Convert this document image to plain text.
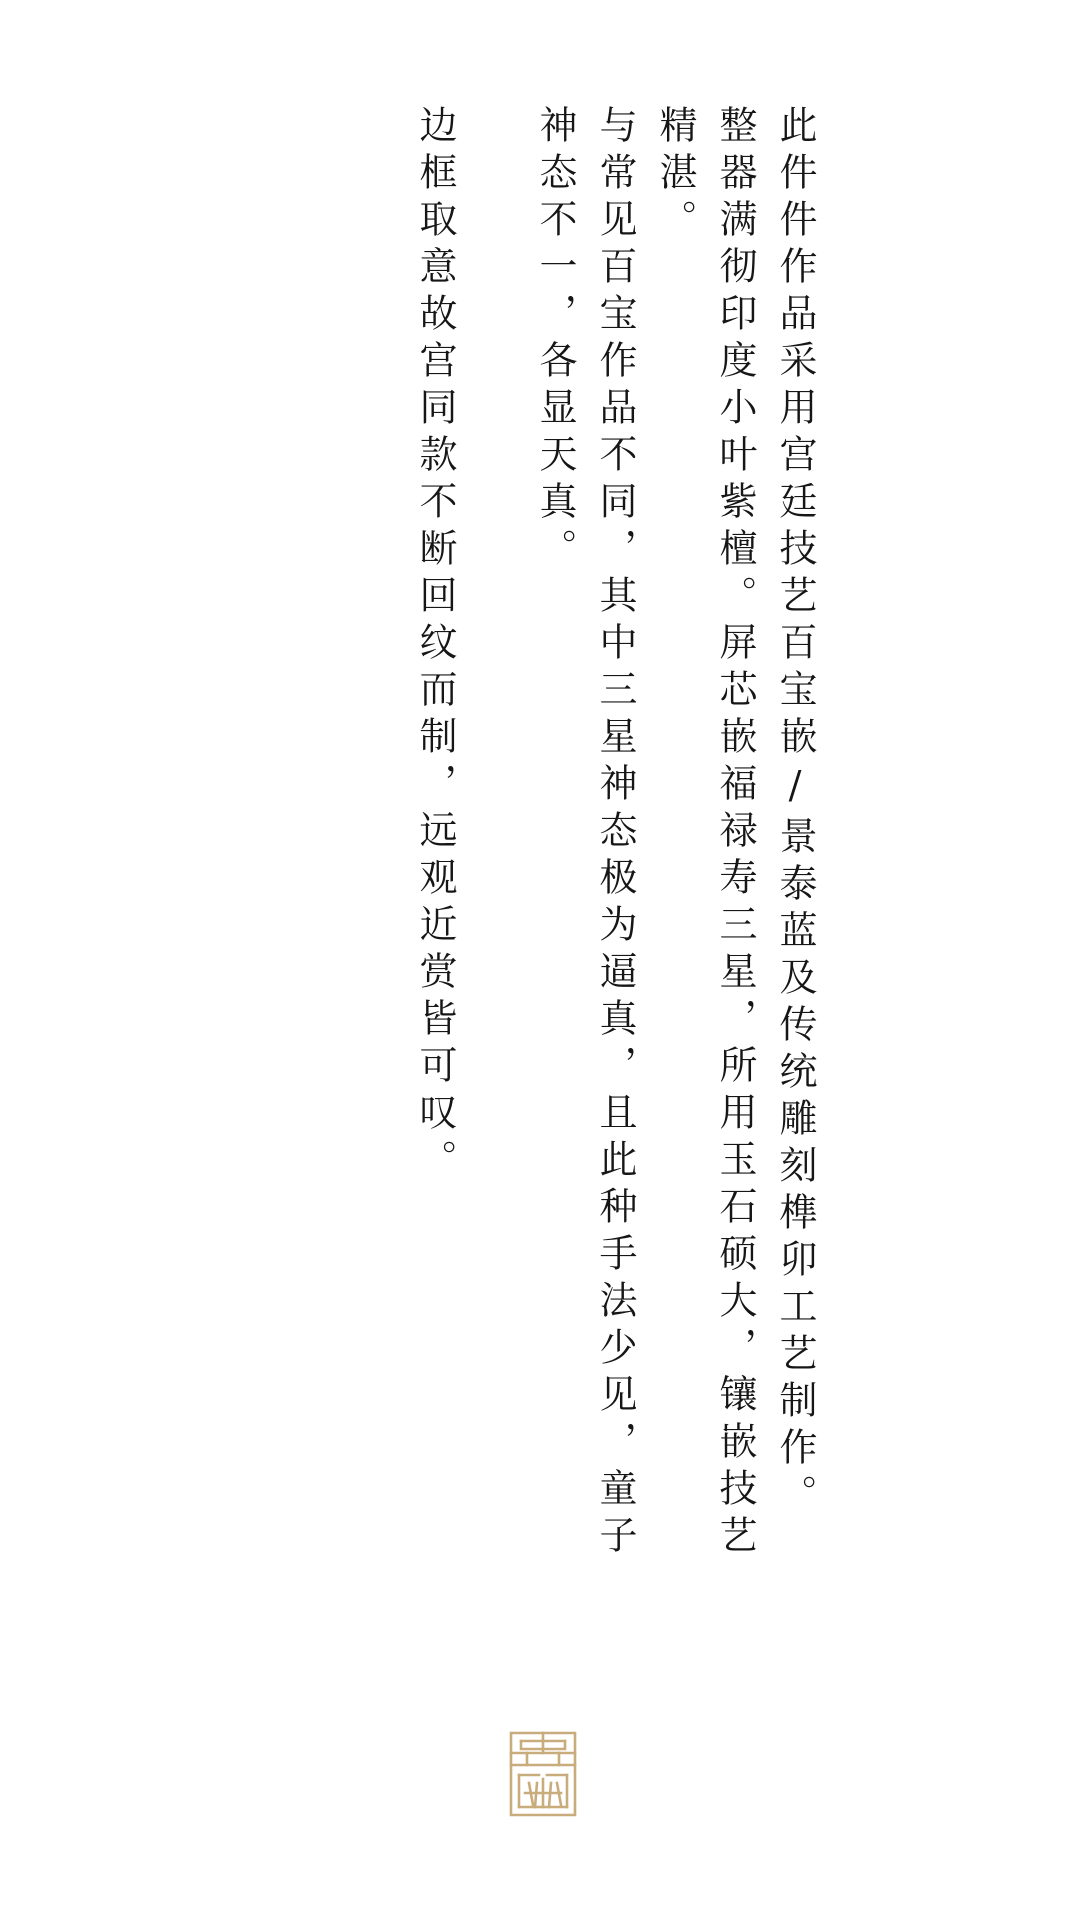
此件件作品采用宫廷技艺百宝嵌/景泰蓝及传统雕刻榫卯工艺制作。

整器满彻印度小叶紫檀。屏芯嵌福禄寿三星，所用玉石硕大，镶嵌技艺精湛。

与常见百宝作品不同，其中三星神态极为逼真，且此种手法少见，童子神态不一，各显天真。

边框取意故宫同款不断回纹而制，远观近赏皆可叹。
